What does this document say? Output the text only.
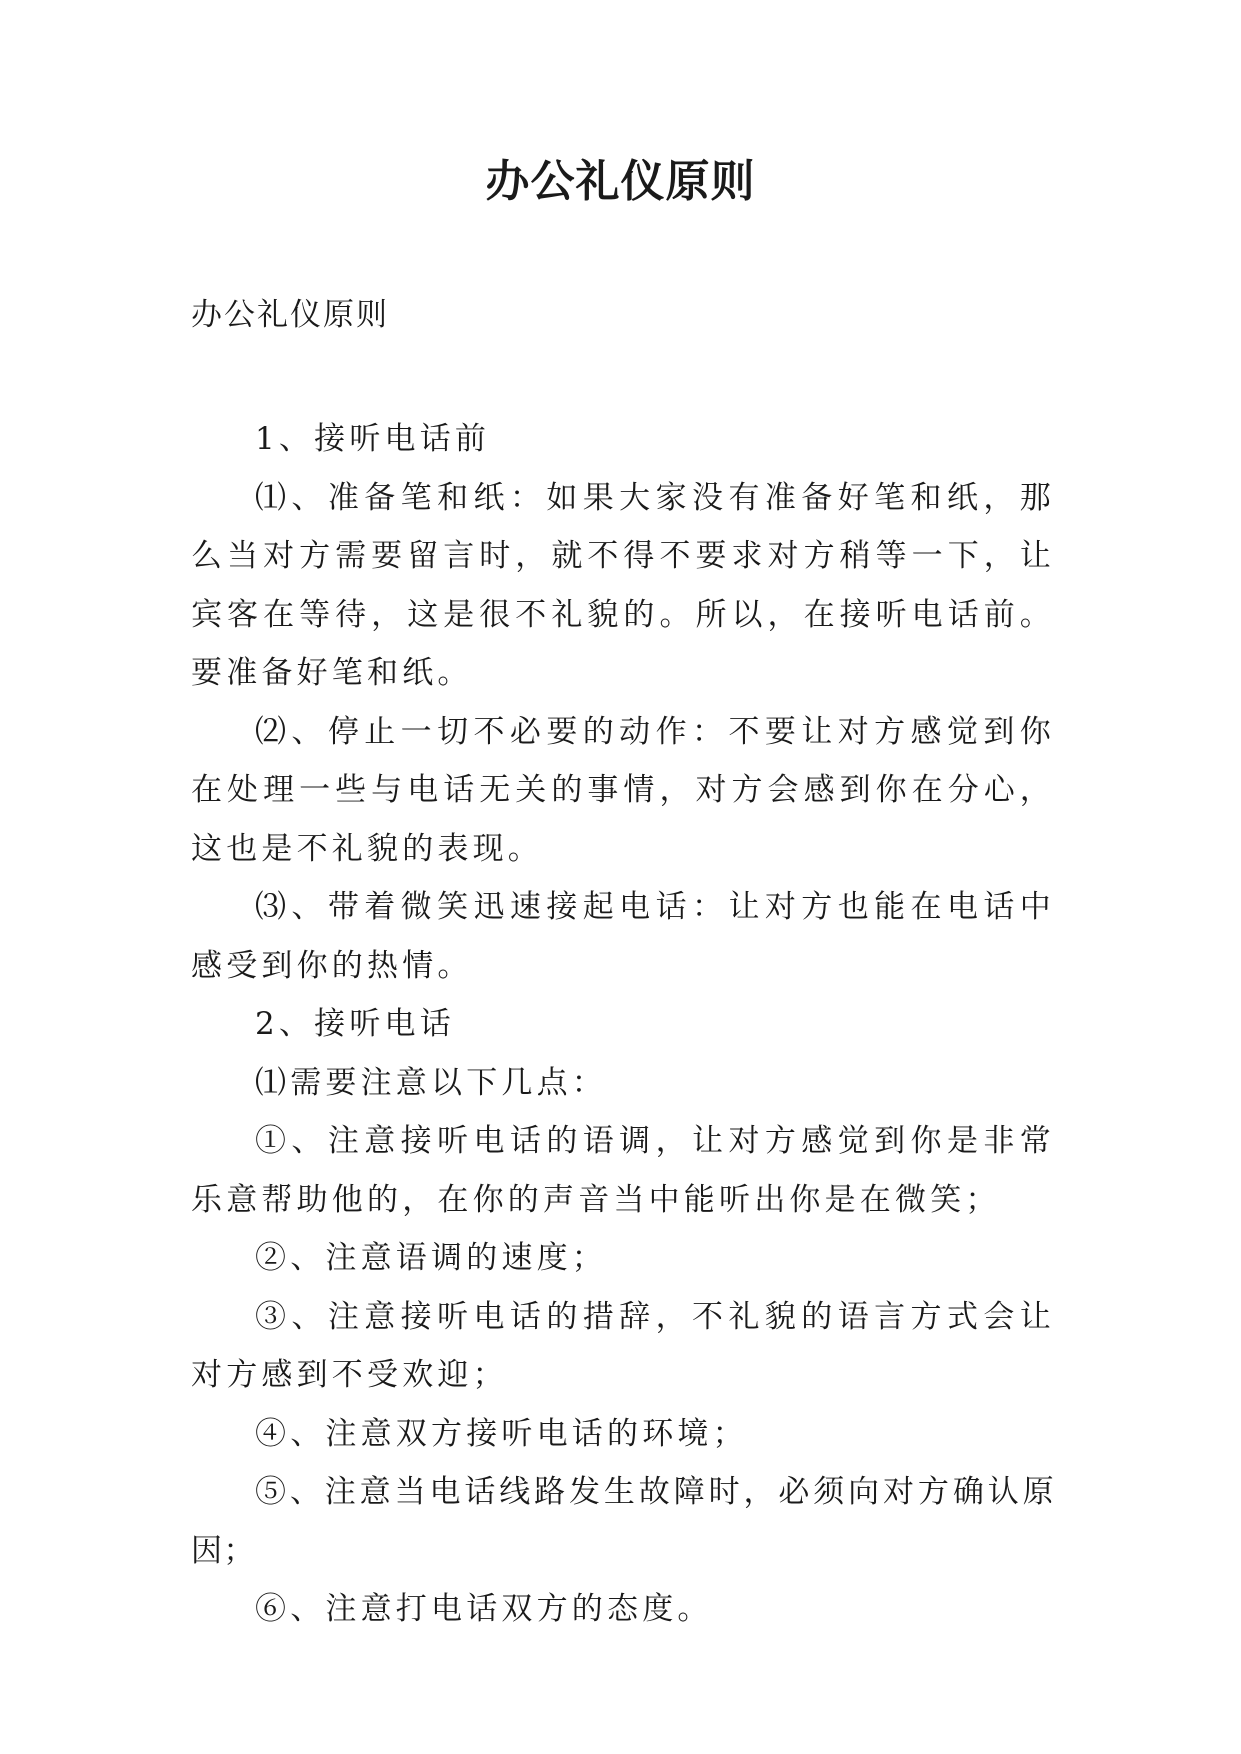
办公礼仪原则
办公礼仪原则

1、接听电话前

⑴、准备笔和纸：如果大家没有准备好笔和纸，那么当对方需要留言时，就不得不要求对方稍等一下，让宾客在等待，这是很不礼貌的。所以，在接听电话前。要准备好笔和纸。

⑵、停止一切不必要的动作：不要让对方感觉到你在处理一些与电话无关的事情，对方会感到你在分心，这也是不礼貌的表现。

⑶、带着微笑迅速接起电话：让对方也能在电话中感受到你的热情。

2、接听电话

⑴需要注意以下几点：

①、注意接听电话的语调，让对方感觉到你是非常乐意帮助他的，在你的声音当中能听出你是在微笑；

②、注意语调的速度；

③、注意接听电话的措辞，不礼貌的语言方式会让对方感到不受欢迎；

④、注意双方接听电话的环境；

⑤、注意当电话线路发生故障时，必须向对方确认原因；

⑥、注意打电话双方的态度。
